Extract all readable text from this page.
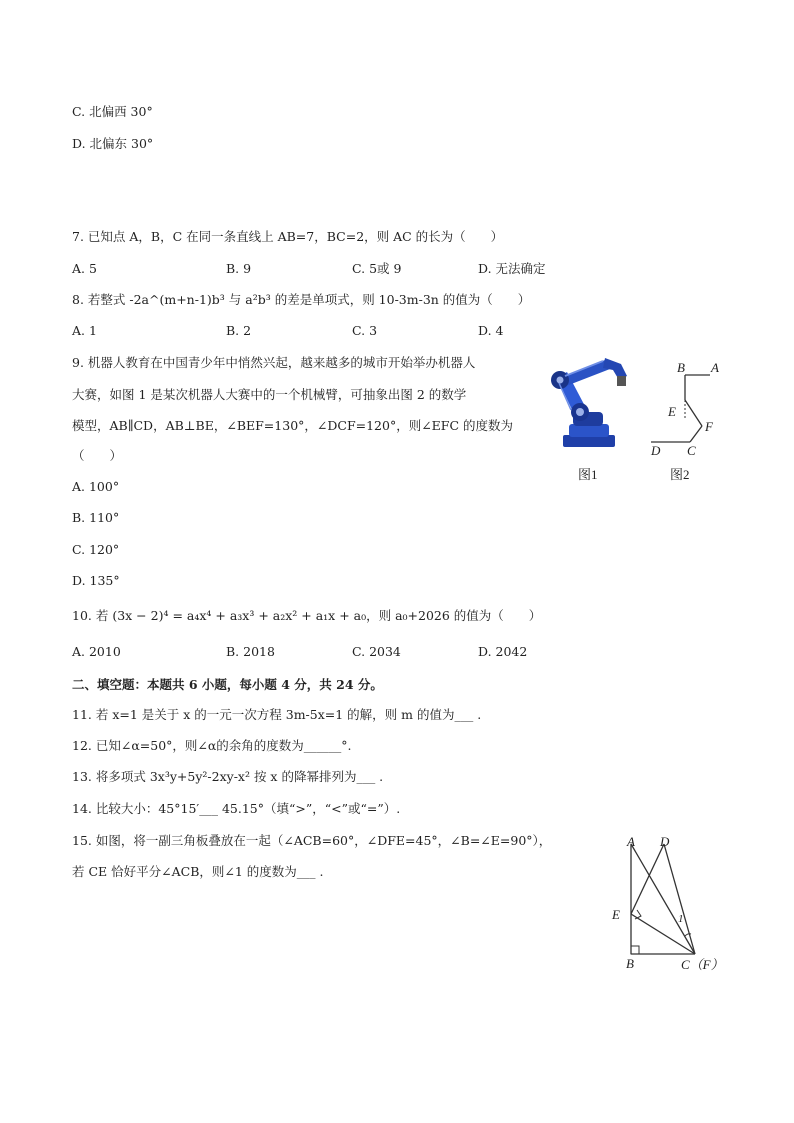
C. 北偏西 30°
D. 北偏东 30°
7. 已知点 A，B，C 在同一条直线上 AB=7，BC=2，则 AC 的长为（　　）
A. 5	B. 9	C. 5或 9	D. 无法确定
8. 若整式 -2a^(m+n-1)b³ 与 a²b³ 的差是单项式，则 10-3m-3n 的值为（　　）
A. 1	B. 2	C. 3	D. 4
9. 机器人教育在中国青少年中悄然兴起，越来越多的城市开始举办机器人
大赛，如图 1 是某次机器人大赛中的一个机械臂，可抽象出图 2 的数学
模型，AB∥CD，AB⊥BE，∠BEF=130°，∠DCF=120°，则∠EFC 的度数为
（　　）
A. 100°
B. 110°
C. 120°
D. 135°
图1
B A
E
F
D C
图2
10. 若 (3x − 2)⁴ = a₄x⁴ + a₃x³ + a₂x² + a₁x + a₀，则 a₀+2026 的值为（　　）
A. 2010	B. 2018	C. 2034	D. 2042
二、填空题：本题共 6 小题，每小题 4 分，共 24 分。
11. 若 x=1 是关于 x 的一元一次方程 3m-5x=1 的解，则 m 的值为___ .
12. 已知∠α=50°，则∠α的余角的度数为______°.
13. 将多项式 3x³y+5y²-2xy-x² 按 x 的降幂排列为___ .
14. 比较大小：45°15′___ 45.15°（填“>”，“<”或“=”）.
15. 如图，将一副三角板叠放在一起（∠ACB=60°，∠DFE=45°，∠B=∠E=90°），
若 CE 恰好平分∠ACB，则∠1 的度数为___ .
A D
E	1
B	C（F）
